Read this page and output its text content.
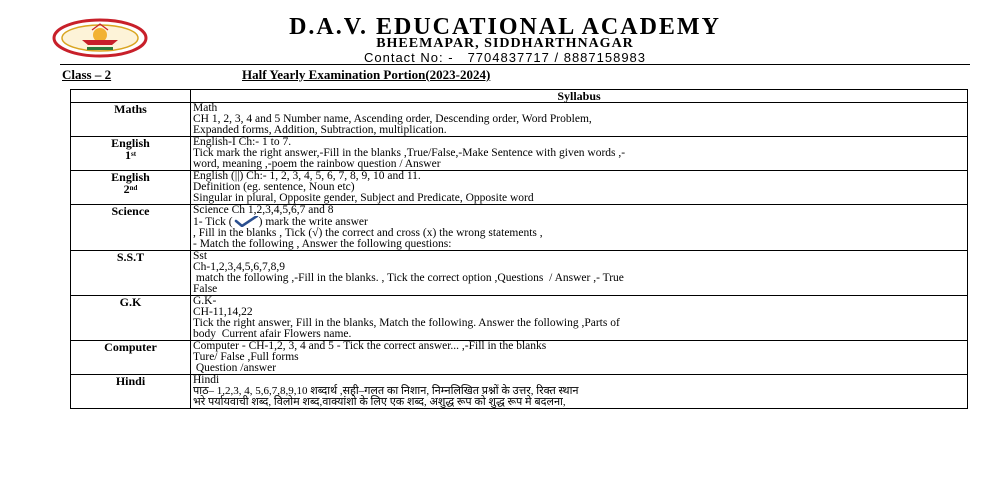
D.A.V. EDUCATIONAL ACADEMY
BHEEMAPAR, SIDDHARTHNAGAR
Contact No: - 7704837717 / 8887158983
Class – 2	Half Yearly Examination Portion(2023-2024)
	Syllabus
Maths	Math
CH 1, 2, 3, 4 and 5 Number name, Ascending order, Descending order, Word Problem,
Expanded forms, Addition, Subtraction, multiplication.

English
1st	English-I Ch:- 1 to 7.
Tick mark the right answer,-Fill in the blanks ,True/False,-Make Sentence with given words ,-
word, meaning ,-poem the rainbow question / Answer

English
2nd	English (||) Ch:- 1, 2, 3, 4, 5, 6, 7, 8, 9, 10 and 11.
Definition (eg. sentence, Noun etc)
Singular in plural, Opposite gender, Subject and Predicate, Opposite word

Science	Science Ch 1,2,3,4,5,6,7 and 8
1- Tick ( ) mark the write answer
, Fill in the blanks , Tick (√) the correct and cross (x) the wrong statements ,
- Match the following , Answer the following questions:

S.S.T	Sst
Ch-1,2,3,4,5,6,7,8,9
match the following ,-Fill in the blanks. , Tick the correct option ,Questions  / Answer ,- True
False

G.K	G.K-
CH-11,14,22
Tick the right answer, Fill in the blanks, Match the following. Answer the following ,Parts of
body  Current afair Flowers name.

Computer	Computer - CH-1,2, 3, 4 and 5 - Tick the correct answer... ,-Fill in the blanks
Ture/ False ,Full forms
Question /answer

Hindi	Hindi
पाठ– 1,2,3, 4, 5,6,7,8,9,10 शब्दार्थ ,सही–गलत का निशान, निम्नलिखित प्रश्नों के उत्तर, रिक्त स्थान
भरे पर्यायवाची शब्द, विलोम शब्द,वाक्यांशो के लिए एक शब्द, अशुद्ध रूप को शुद्ध रूप मे बदलना,
